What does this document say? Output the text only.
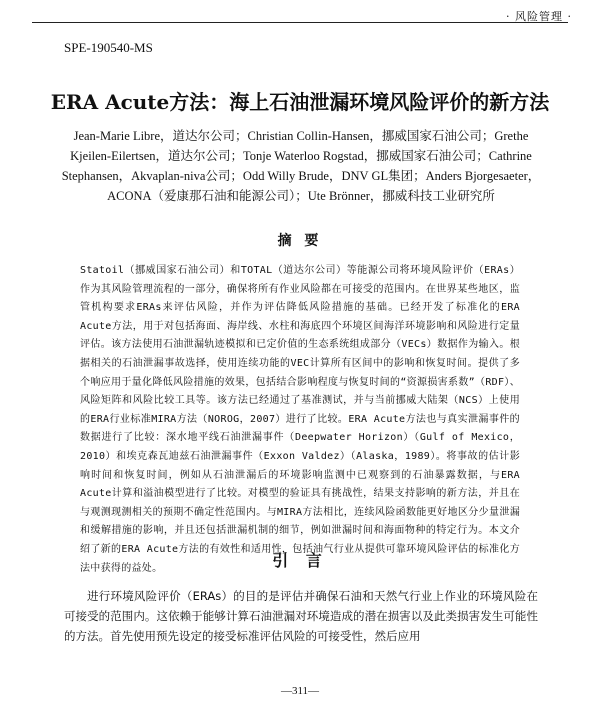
· 风险管理 ·
SPE-190540-MS
ERA Acute方法：海上石油泄漏环境风险评价的新方法
Jean-Marie Libre，道达尔公司；Christian Collin-Hansen，挪威国家石油公司；Grethe Kjeilen-Eilertsen，道达尔公司；Tonje Waterloo Rogstad，挪威国家石油公司；Cathrine Stephansen，Akvaplan-niva公司；Odd Willy Brude，DNV GL集团；Anders Bjorgesaeter，ACONA（爱康那石油和能源公司）；Ute Brönner，挪威科技工业研究所
摘 要
Statoil（挪威国家石油公司）和TOTAL（道达尔公司）等能源公司将环境风险评价（ERAs）作为其风险管理流程的一部分，确保将所有作业风险都在可接受的范围内。在世界某些地区，监管机构要求ERAs来评估风险，并作为评估降低风险措施的基础。已经开发了标准化的ERA Acute方法，用于对包括海面、海岸线、水柱和海底四个环境区间海洋环境影响和风险进行定量评估。该方法使用石油泄漏轨迹模拟和已定价值的生态系统组成部分（VECs）数据作为输入。根据相关的石油泄漏事故选择，使用连续功能的VEC计算所有区间中的影响和恢复时间。提供了多个响应用于量化降低风险措施的效果，包括结合影响程度与恢复时间的“资源损害系数”（RDF）、风险矩阵和风险比较工具等。该方法已经通过了基准测试，并与当前挪威大陆架（NCS）上使用的ERA行业标准MIRA方法（NOROG，2007）进行了比较。ERA Acute方法也与真实泄漏事件的数据进行了比较：深水地平线石油泄漏事件（Deepwater Horizon）（Gulf of Mexico，2010）和埃克森瓦迪兹石油泄漏事件（Exxon Valdez）（Alaska，1989）。将事故的估计影响时间和恢复时间，例如从石油泄漏后的环境影响监测中已观察到的石油暴露数据，与ERA Acute计算和溢油模型进行了比较。对模型的验证具有挑战性，结果支持影响的新方法，并且在与观测现测相关的预期不确定性范围内。与MIRA方法相比，连续风险函数能更好地区分少量泄漏和缓解措施的影响，并且还包括泄漏机制的细节，例如泄漏时间和海面物种的特定行为。本文介绍了新的ERA Acute方法的有效性和适用性，包括油气行业从提供可靠环境风险评估的标准化方法中获得的益处。	引 言
进行环境风险评价（ERAs）的目的是评估并确保石油和天然气行业上作业的环境风险在可接受的范围内。这依赖于能够计算石油泄漏对环境造成的潜在损害以及此类损害发生可能性的方法。首先使用预先设定的接受标准评估风险的可接受性，然后应用
—311—
